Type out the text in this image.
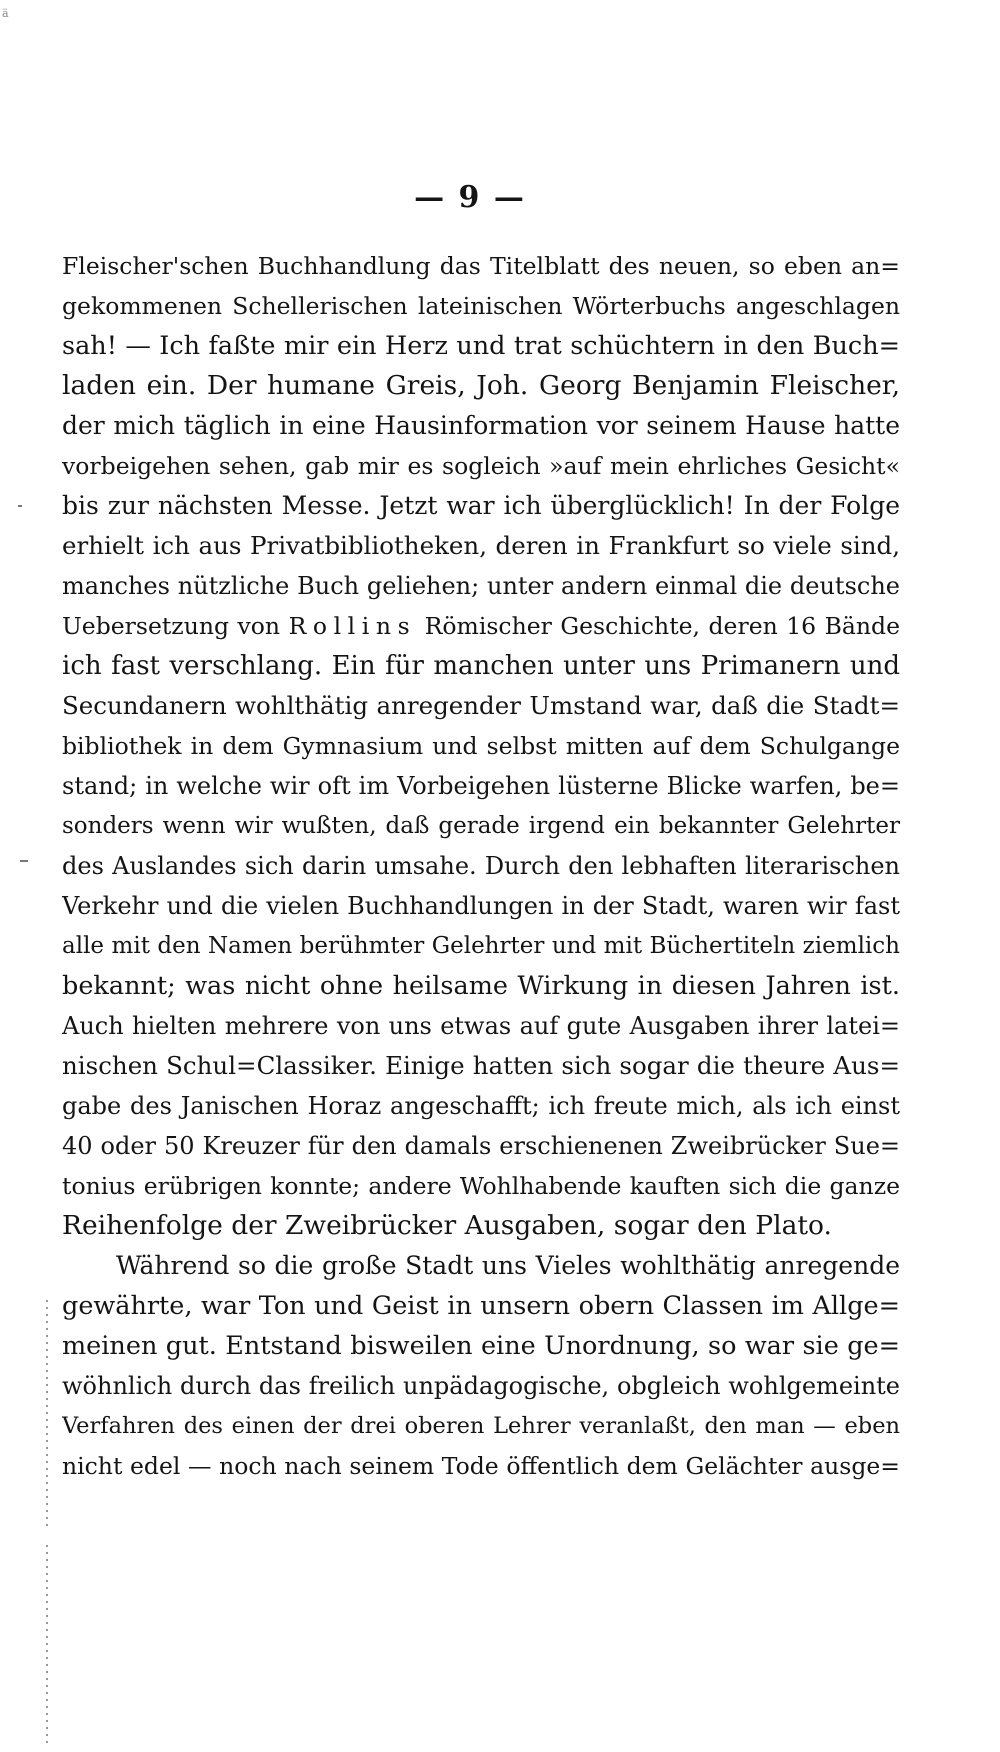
ä
— 9 —
Fleischer'schen Buchhandlung das Titelblatt des neuen, so eben an=
gekommenen Schellerischen lateinischen Wörterbuchs angeschlagen
sah! — Ich faßte mir ein Herz und trat schüchtern in den Buch=
laden ein. Der humane Greis, Joh. Georg Benjamin Fleischer,
der mich täglich in eine Hausinformation vor seinem Hause hatte
vorbeigehen sehen, gab mir es sogleich »auf mein ehrliches Gesicht«
bis zur nächsten Messe. Jetzt war ich überglücklich! In der Folge
erhielt ich aus Privatbibliotheken, deren in Frankfurt so viele sind,
manches nützliche Buch geliehen; unter andern einmal die deutsche
Uebersetzung von Rollins Römischer Geschichte, deren 16 Bände
ich fast verschlang. Ein für manchen unter uns Primanern und
Secundanern wohlthätig anregender Umstand war, daß die Stadt=
bibliothek in dem Gymnasium und selbst mitten auf dem Schulgange
stand; in welche wir oft im Vorbeigehen lüsterne Blicke warfen, be=
sonders wenn wir wußten, daß gerade irgend ein bekannter Gelehrter
des Auslandes sich darin umsahe. Durch den lebhaften literarischen
Verkehr und die vielen Buchhandlungen in der Stadt, waren wir fast
alle mit den Namen berühmter Gelehrter und mit Büchertiteln ziemlich
bekannt; was nicht ohne heilsame Wirkung in diesen Jahren ist.
Auch hielten mehrere von uns etwas auf gute Ausgaben ihrer latei=
nischen Schul=Classiker. Einige hatten sich sogar die theure Aus=
gabe des Janischen Horaz angeschafft; ich freute mich, als ich einst
40 oder 50 Kreuzer für den damals erschienenen Zweibrücker Sue=
tonius erübrigen konnte; andere Wohlhabende kauften sich die ganze
Reihenfolge der Zweibrücker Ausgaben, sogar den Plato.
Während so die große Stadt uns Vieles wohlthätig anregende
gewährte, war Ton und Geist in unsern obern Classen im Allge=
meinen gut. Entstand bisweilen eine Unordnung, so war sie ge=
wöhnlich durch das freilich unpädagogische, obgleich wohlgemeinte
Verfahren des einen der drei oberen Lehrer veranlaßt, den man — eben
nicht edel — noch nach seinem Tode öffentlich dem Gelächter ausge=
